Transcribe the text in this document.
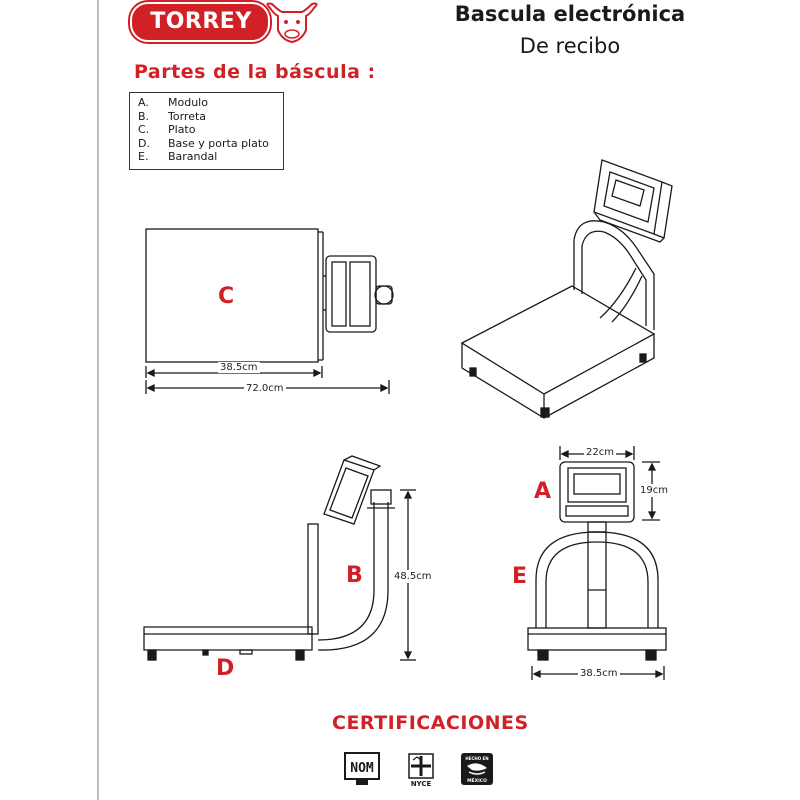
TORREY	Bascula electrónica
De recibo
Partes de la báscula :
A.	Modulo
B.	Torreta
C.	Plato
D.	Base y porta plato
E.	Barandal
C
38.5cm
72.0cm
B
D
48.5cm
A
E
22cm
19cm
38.5cm
CERTIFICACIONES
NOM
NYCE
HECHO EN
MÉXICO
